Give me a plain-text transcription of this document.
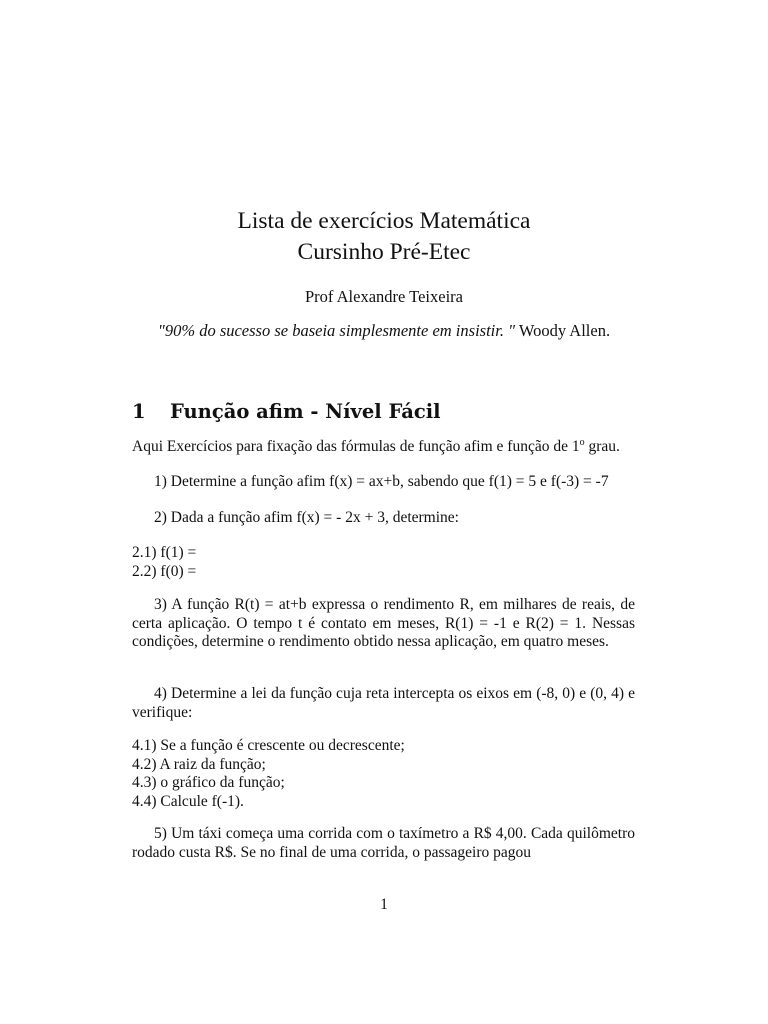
Lista de exercícios Matemática
Cursinho Pré-Etec
Prof Alexandre Teixeira
"90% do sucesso se baseia simplesmente em insistir. " Woody Allen.
1 Função afim - Nível Fácil

Aqui Exercícios para fixação das fórmulas de função afim e função de 1$^o$ grau.

1) Determine a função afim f(x) = ax+b, sabendo que f(1) = 5 e f(-3) = -7

2) Dada a função afim f(x) = - 2x + 3, determine:

2.1) f(1) =

2.2) f(0) =

3) A função R(t) = at+b expressa o rendimento R, em milhares de reais, de certa aplicação. O tempo t é contato em meses, R(1) = -1 e R(2) = 1. Nessas condições, determine o rendimento obtido nessa aplicação, em quatro meses.

4) Determine a lei da função cuja reta intercepta os eixos em (-8, 0) e (0, 4) e verifique:

4.1) Se a função é crescente ou decrescente;

4.2) A raiz da função;

4.3) o gráfico da função;

4.4) Calcule f(-1).

5) Um táxi começa uma corrida com o taxímetro a R$ 4,00. Cada quilômetro rodado custa R$. Se no final de uma corrida, o passageiro pagou

1
